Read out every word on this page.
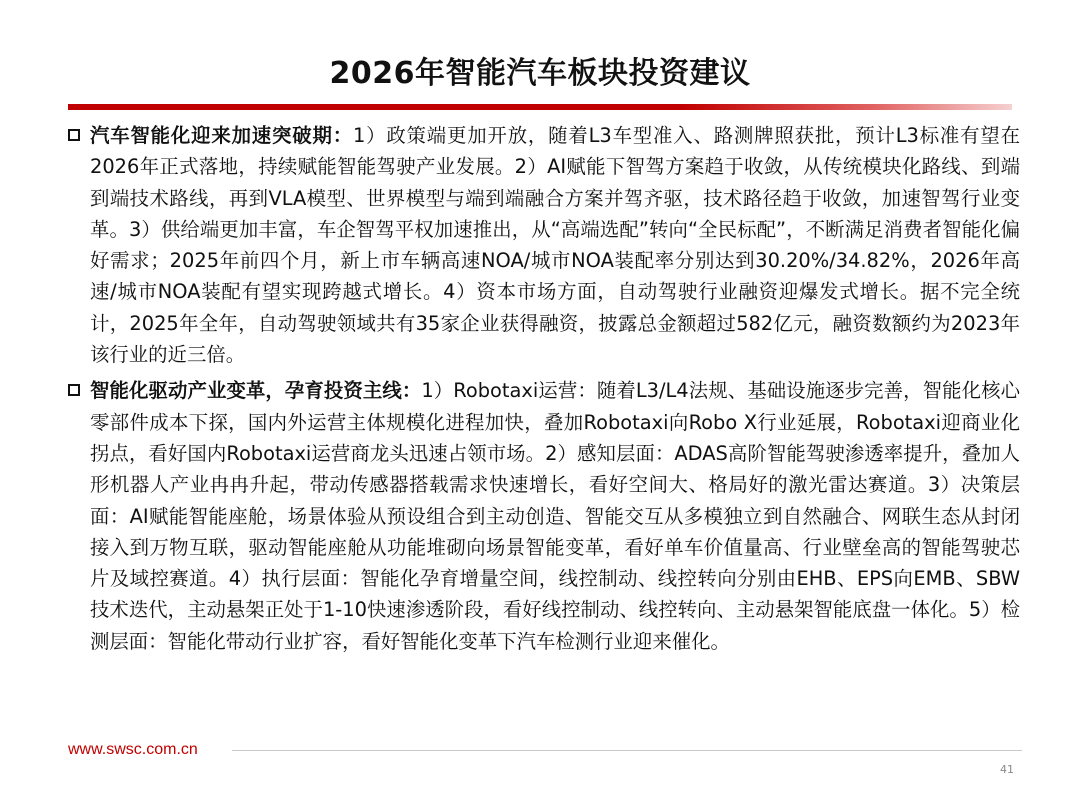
2026年智能汽车板块投资建议
汽车智能化迎来加速突破期：1）政策端更加开放，随着L3车型准入、路测牌照获批，预计L3标准有望在2026年正式落地，持续赋能智能驾驶产业发展。2）AI赋能下智驾方案趋于收敛，从传统模块化路线、到端到端技术路线，再到VLA模型、世界模型与端到端融合方案并驾齐驱，技术路径趋于收敛，加速智驾行业变革。3）供给端更加丰富，车企智驾平权加速推出，从“高端选配”转向“全民标配”，不断满足消费者智能化偏好需求；2025年前四个月，新上市车辆高速NOA/城市NOA装配率分别达到30.20%/34.82%，2026年高速/城市NOA装配有望实现跨越式增长。4）资本市场方面，自动驾驶行业融资迎爆发式增长。据不完全统计，2025年全年，自动驾驶领域共有35家企业获得融资，披露总金额超过582亿元，融资数额约为2023年该行业的近三倍。
智能化驱动产业变革，孕育投资主线：1）Robotaxi运营：随着L3/L4法规、基础设施逐步完善，智能化核心零部件成本下探，国内外运营主体规模化进程加快，叠加Robotaxi向Robo X行业延展，Robotaxi迎商业化拐点，看好国内Robotaxi运营商龙头迅速占领市场。2）感知层面：ADAS高阶智能驾驶渗透率提升，叠加人形机器人产业冉冉升起，带动传感器搭载需求快速增长，看好空间大、格局好的激光雷达赛道。3）决策层面：AI赋能智能座舱，场景体验从预设组合到主动创造、智能交互从多模独立到自然融合、网联生态从封闭接入到万物互联，驱动智能座舱从功能堆砌向场景智能变革，看好单车价值量高、行业壁垒高的智能驾驶芯片及域控赛道。4）执行层面：智能化孕育增量空间，线控制动、线控转向分别由EHB、EPS向EMB、SBW技术迭代，主动悬架正处于1-10快速渗透阶段，看好线控制动、线控转向、主动悬架智能底盘一体化。5）检测层面：智能化带动行业扩容，看好智能化变革下汽车检测行业迎来催化。
www.swsc.com.cn
41
